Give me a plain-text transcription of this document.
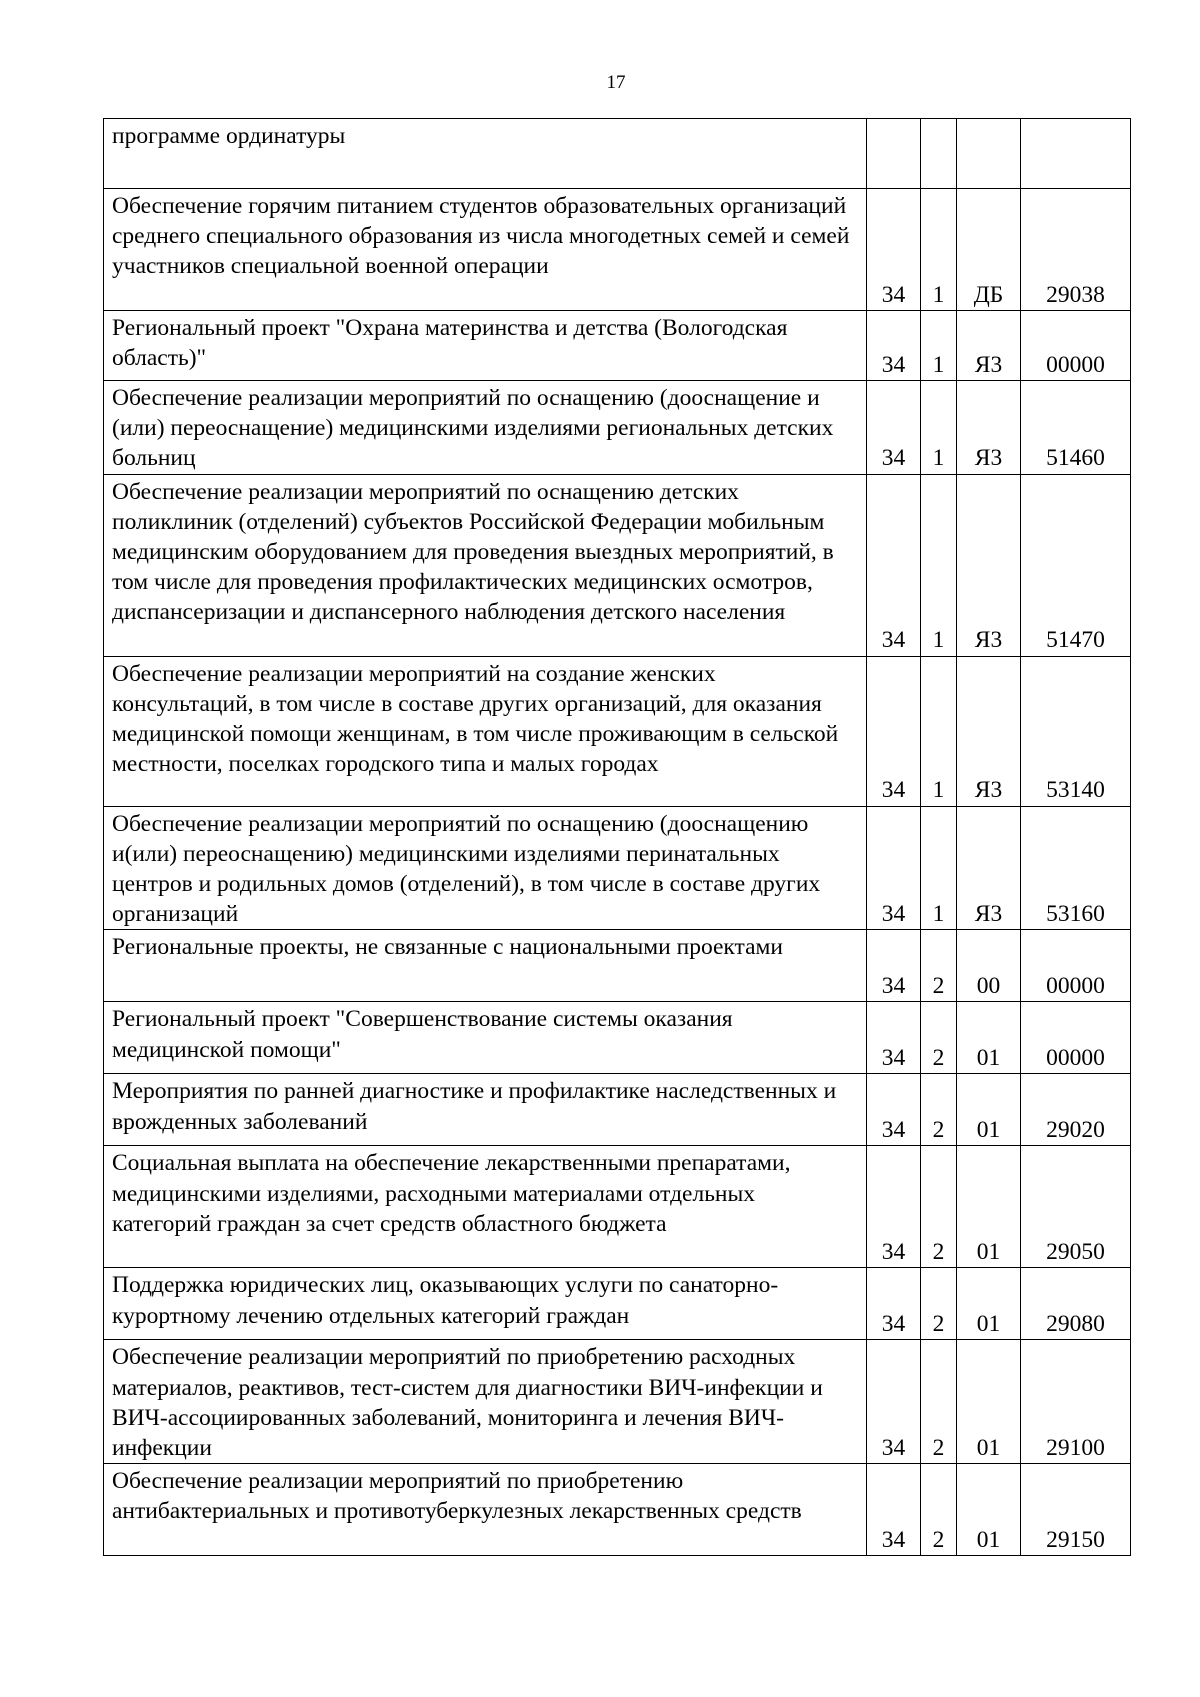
17
программе ординатуры				
Обеспечение горячим питанием студентов образовательных организаций среднего специального образования из числа многодетных семей и семей участников специальной военной операции	34	1	ДБ	29038
Региональный проект "Охрана материнства и детства (Вологодская область)"	34	1	Я3	00000
Обеспечение реализации мероприятий по оснащению (дооснащение и (или) переоснащение) медицинскими изделиями региональных детских больниц	34	1	Я3	51460
Обеспечение реализации мероприятий по оснащению детских поликлиник (отделений) субъектов Российской Федерации мобильным медицинским оборудованием для проведения выездных мероприятий, в том числе для проведения профилактических медицинских осмотров, диспансеризации и диспансерного наблюдения детского населения	34	1	Я3	51470
Обеспечение реализации мероприятий на создание женских консультаций, в том числе в составе других организаций, для оказания медицинской помощи женщинам, в том числе проживающим в сельской местности, поселках городского типа и малых городах	34	1	Я3	53140
Обеспечение реализации мероприятий по оснащению (дооснащению и(или) переоснащению) медицинскими изделиями перинатальных центров и родильных домов (отделений), в том числе в составе других организаций	34	1	Я3	53160
Региональные проекты, не связанные с национальными проектами	34	2	00	00000
Региональный проект "Совершенствование системы оказания медицинской помощи"	34	2	01	00000
Мероприятия по ранней диагностике и профилактике наследственных и врожденных заболеваний	34	2	01	29020
Социальная выплата на обеспечение лекарственными препаратами, медицинскими изделиями, расходными материалами отдельных категорий граждан за счет средств областного бюджета	34	2	01	29050
Поддержка юридических лиц, оказывающих услуги по санаторно-курортному лечению отдельных категорий граждан	34	2	01	29080
Обеспечение реализации мероприятий по приобретению расходных материалов, реактивов, тест-систем для диагностики ВИЧ-инфекции и ВИЧ-ассоциированных заболеваний, мониторинга и лечения ВИЧ-инфекции	34	2	01	29100
Обеспечение реализации мероприятий по приобретению антибактериальных и противотуберкулезных лекарственных средств	34	2	01	29150
